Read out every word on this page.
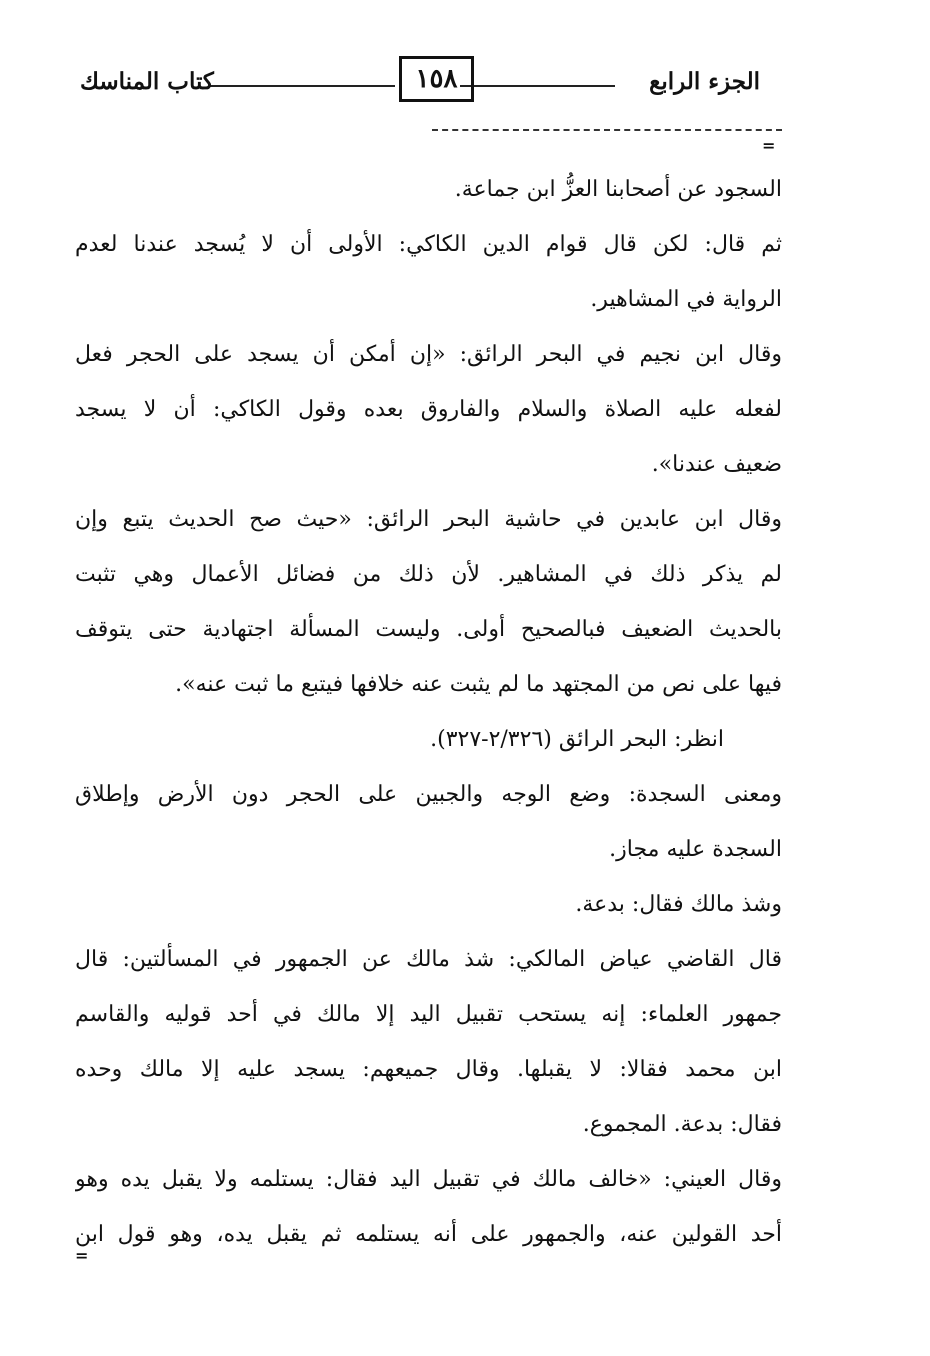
الجزء الرابع
١٥٨
كتاب المناسك
=
السجود عن أصحابنا العزُّ ابن جماعة.
ثم قال: لكن قال قوام الدين الكاكي: الأولى أن لا يُسجد عندنا لعدم
الرواية في المشاهير.
وقال ابن نجيم في البحر الرائق: «إن أمكن أن يسجد على الحجر فعل
لفعله عليه الصلاة والسلام والفاروق بعده وقول الكاكي: أن لا يسجد
ضعيف عندنا».
وقال ابن عابدين في حاشية البحر الرائق: «حيث صح الحديث يتبع وإن
لم يذكر ذلك في المشاهير. لأن ذلك من فضائل الأعمال وهي تثبت
بالحديث الضعيف فبالصحيح أولى. وليست المسألة اجتهادية حتى يتوقف
فيها على نص من المجتهد ما لم يثبت عنه خلافها فيتبع ما ثبت عنه».
انظر: البحر الرائق (٢/٣٢٦-٣٢٧).
ومعنى السجدة: وضع الوجه والجبين على الحجر دون الأرض وإطلاق
السجدة عليه مجاز.
وشذ مالك فقال: بدعة.
قال القاضي عياض المالكي: شذ مالك عن الجمهور في المسألتين: قال
جمهور العلماء: إنه يستحب تقبيل اليد إلا مالك في أحد قوليه والقاسم
ابن محمد فقالا: لا يقبلها. وقال جميعهم: يسجد عليه إلا مالك وحده
فقال: بدعة. المجموع.
وقال العيني: «خالف مالك في تقبيل اليد فقال: يستلمه ولا يقبل يده وهو
أحد القولين عنه، والجمهور على أنه يستلمه ثم يقبل يده، وهو قول ابن
=
